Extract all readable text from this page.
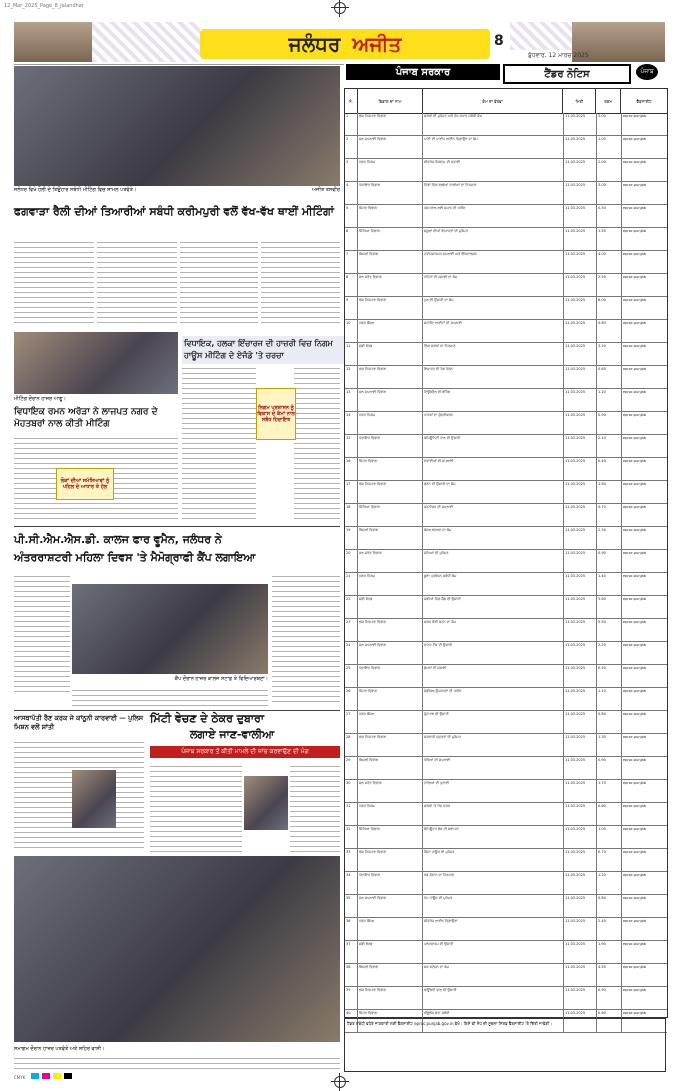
12_Mar_2025_Page_8_Jalandhar
ਜਲੰਧਰ ਅਜੀਤ	8
ਬੁੱਧਵਾਰ, 12 ਮਾਰਚ 2025
ਜਲੰਧਰ ਵਿਖੇ ਹੋਲੀ ਦੇ ਤਿਉਹਾਰ ਸਬੰਧੀ ਮੀਟਿੰਗ ਵਿਚ ਸ਼ਾਮਲ ਪਤਵੰਤੇ।	ਅਜੀਤ ਤਸਵੀਰ
ਫਗਵਾੜਾ ਰੈਲੀ ਦੀਆਂ ਤਿਆਰੀਆਂ ਸਬੰਧੀ ਕਰੀਮਪੁਰੀ ਵਲੋਂ ਵੱਖ-ਵੱਖ ਥਾਈਂ ਮੀਟਿੰਗਾਂ
ਮੀਟਿੰਗ ਦੌਰਾਨ ਹਾਜ਼ਰ ਆਗੂ।
ਵਿਧਾਇਕ ਰਮਨ ਅਰੋੜਾ ਨੇ ਲਾਜਪਤ ਨਗਰ ਦੇ ਮੋਹਤਬਰਾਂ ਨਾਲ ਕੀਤੀ ਮੀਟਿੰਗ
ਲੋਕਾਂ ਦੀਆਂ ਸਮੱਸਿਆਵਾਂ ਨੂੰ ਪਹਿਲ ਦੇ ਆਧਾਰ ਤੇ ਹੱਲ
ਵਿਧਾਇਕ, ਹਲਕਾ ਇੰਚਾਰਜ ਦੀ ਹਾਜ਼ਰੀ ਵਿਚ ਨਿਗਮ ਹਾਊਸ ਮੀਟਿੰਗ ਦੇ ਏਜੰਡੇ 'ਤੇ ਚਰਚਾ
ਨਿਗਮ ਪ੍ਰਸ਼ਾਸਨ ਨੂੰ ਵਿਕਾਸ ਦੇ ਕੰਮਾਂ ਨਾਲ ਸਬੰਧ ਹਿਦਾਇਤ
ਪੀ.ਸੀ.ਐਮ.ਐਸ.ਡੀ. ਕਾਲਜ ਫਾਰ ਵੂਮੈਨ, ਜਲੰਧਰ ਨੇ
ਅੰਤਰਰਾਸ਼ਟਰੀ ਮਹਿਲਾ ਦਿਵਸ 'ਤੇ ਮੈਮੋਗ੍ਰਾਫੀ ਕੈਂਪ ਲਗਾਇਆ
ਕੈਂਪ ਦੌਰਾਨ ਹਾਜ਼ਰ ਕਾਲਜ ਸਟਾਫ਼ ਤੇ ਵਿਦਿਆਰਥਣਾਂ।
ਆਸਥਾਪੱਤੀ ਰੈਣ ਕਰਕ ਜੇ ਕਾਂਨੂਨੀ ਕਾਰਵਾਈ — ਪੁਲਿਸ ਮਿਸ਼ਨ ਵਲੋਂ ਸ਼ਾਂਤੀ
ਮਿੱਟੀ ਵੇਚਣ ਦੇ ਠੇਕਰ ਦੁਬਾਰਾ
ਲਗਾਏ ਜਾਣ-ਵਾਲੀਆ
ਪੰਜਾਬ ਸਰਕਾਰ ਤੋਂ ਕੀਤੀ ਮਾਮਲੇ ਦੀ ਜਾਂਚ ਕਰਵਾਉਣ ਦੀ ਮੰਗ
ਸਮਾਗਮ ਦੌਰਾਨ ਹਾਜ਼ਰ ਪਤਵੰਤੇ ਅਤੇ ਸ਼ਹਿਰ ਵਾਸੀ।
ਪੰਜਾਬ ਸਰਕਾਰ	ਟੈਂਡਰ ਨੋਟਿਸ	ਪੰਜਾਬ
ਨੰ.	ਵਿਭਾਗ ਦਾ ਨਾਮ	ਕੰਮ ਦਾ ਵੇਰਵਾ	ਮਿਤੀ	ਰਕਮ	ਵੈੱਬਸਾਈਟ
1	ਲੋਕ ਨਿਰਮਾਣ ਵਿਭਾਗ	ਸੜਕਾਂ ਦੀ ਮੁਰੰਮਤ ਅਤੇ ਰੱਖ-ਰਖਾਵ ਸਬੰਧੀ ਕੰਮ	11.03.2025	5.00	eproc.punjab
2	ਜਲ ਸਪਲਾਈ ਵਿਭਾਗ	ਪਾਣੀ ਦੀ ਪਾਈਪ ਲਾਈਨ ਵਿਛਾਉਣ ਦਾ ਕੰਮ	11.03.2025	1.00	eproc.punjab
3	ਨਗਰ ਨਿਗਮ	ਸੀਵਰੇਜ ਸਿਸਟਮ ਦੀ ਸਫ਼ਾਈ	11.03.2025	2.00	eproc.punjab
4	ਪੰਚਾਇਤ ਵਿਭਾਗ	ਪਿੰਡਾਂ ਵਿਚ ਗਲੀਆਂ ਨਾਲੀਆਂ ਦਾ ਨਿਰਮਾਣ	11.03.2025	3.00	eproc.punjab
5	ਸਿਹਤ ਵਿਭਾਗ	ਹਸਪਤਾਲ ਲਈ ਸਮਾਨ ਦੀ ਖਰੀਦ	11.03.2025	0.50	eproc.punjab
6	ਸਿੱਖਿਆ ਵਿਭਾਗ	ਸਕੂਲਾਂ ਦੀਆਂ ਇਮਾਰਤਾਂ ਦੀ ਮੁਰੰਮਤ	11.03.2025	1.50	eproc.punjab
7	ਬਿਜਲੀ ਵਿਭਾਗ	ਟਰਾਂਸਫਾਰਮਰ ਸਪਲਾਈ ਅਤੇ ਇੰਸਟਾਲੇਸ਼ਨ	11.03.2025	4.00	eproc.punjab
8	ਜਲ ਸਰੋਤ ਵਿਭਾਗ	ਨਹਿਰਾਂ ਦੀ ਸਫ਼ਾਈ ਦਾ ਕੰਮ	11.03.2025	2.50	eproc.punjab
9	ਲੋਕ ਨਿਰਮਾਣ ਵਿਭਾਗ	ਪੁਲ ਦੀ ਉਸਾਰੀ ਦਾ ਕੰਮ	11.03.2025	6.00	eproc.punjab
10	ਨਗਰ ਕੌਂਸਲ	ਸਟਰੀਟ ਲਾਈਟਾਂ ਦੀ ਸਪਲਾਈ	11.03.2025	0.80	eproc.punjab
11	ਮੰਡੀ ਬੋਰਡ	ਲਿੰਕ ਸੜਕਾਂ ਦਾ ਨਿਰਮਾਣ	11.03.2025	3.20	eproc.punjab
12	ਲੋਕ ਨਿਰਮਾਣ ਵਿਭਾਗ	ਇਮਾਰਤ ਦੀ ਰੰਗ ਰੋਗਨ	11.03.2025	0.60	eproc.punjab
13	ਜਲ ਸਪਲਾਈ ਵਿਭਾਗ	ਟਿਊਬਵੈੱਲ ਦੀ ਬੋਰਿੰਗ	11.03.2025	1.20	eproc.punjab
14	ਨਗਰ ਨਿਗਮ	ਪਾਰਕਾਂ ਦਾ ਸੁੰਦਰੀਕਰਨ	11.03.2025	0.90	eproc.punjab
15	ਪੰਚਾਇਤ ਵਿਭਾਗ	ਕਮਿਊਨਿਟੀ ਹਾਲ ਦੀ ਉਸਾਰੀ	11.03.2025	2.10	eproc.punjab
16	ਸਿਹਤ ਵਿਭਾਗ	ਦਵਾਈਆਂ ਦੀ ਸਪਲਾਈ	11.03.2025	0.40	eproc.punjab
17	ਲੋਕ ਨਿਰਮਾਣ ਵਿਭਾਗ	ਡਰੇਨ ਦੀ ਉਸਾਰੀ ਦਾ ਕੰਮ	11.03.2025	1.80	eproc.punjab
18	ਸਿੱਖਿਆ ਵਿਭਾਗ	ਫਰਨੀਚਰ ਦੀ ਸਪਲਾਈ	11.03.2025	0.70	eproc.punjab
19	ਬਿਜਲੀ ਵਿਭਾਗ	ਕੇਬਲ ਬਦਲਣ ਦਾ ਕੰਮ	11.03.2025	2.30	eproc.punjab
20	ਜਲ ਸਰੋਤ ਵਿਭਾਗ	ਮੋਘਿਆਂ ਦੀ ਮੁਰੰਮਤ	11.03.2025	0.90	eproc.punjab
21	ਨਗਰ ਨਿਗਮ	ਕੂੜਾ ਪ੍ਰਬੰਧਨ ਸਬੰਧੀ ਕੰਮ	11.03.2025	1.40	eproc.punjab
22	ਮੰਡੀ ਬੋਰਡ	ਮੰਡੀਆਂ ਵਿਚ ਸ਼ੈੱਡ ਦੀ ਉਸਾਰੀ	11.03.2025	3.60	eproc.punjab
23	ਲੋਕ ਨਿਰਮਾਣ ਵਿਭਾਗ	ਸੜਕ ਚੌੜੀ ਕਰਨ ਦਾ ਕੰਮ	11.03.2025	5.50	eproc.punjab
24	ਜਲ ਸਪਲਾਈ ਵਿਭਾਗ	ਵਾਟਰ ਟੈਂਕ ਦੀ ਉਸਾਰੀ	11.03.2025	2.20	eproc.punjab
25	ਪੰਚਾਇਤ ਵਿਭਾਗ	ਛੱਪੜਾਂ ਦੀ ਸਫ਼ਾਈ	11.03.2025	0.50	eproc.punjab
26	ਸਿਹਤ ਵਿਭਾਗ	ਮੈਡੀਕਲ ਉਪਕਰਣਾਂ ਦੀ ਖਰੀਦ	11.03.2025	1.10	eproc.punjab
27	ਨਗਰ ਕੌਂਸਲ	ਫੁੱਟਪਾਥ ਦੀ ਉਸਾਰੀ	11.03.2025	0.80	eproc.punjab
28	ਲੋਕ ਨਿਰਮਾਣ ਵਿਭਾਗ	ਸਰਕਾਰੀ ਦਫ਼ਤਰਾਂ ਦੀ ਮੁਰੰਮਤ	11.03.2025	1.30	eproc.punjab
29	ਬਿਜਲੀ ਵਿਭਾਗ	ਖੰਭਿਆਂ ਦੀ ਸਪਲਾਈ	11.03.2025	0.90	eproc.punjab
30	ਜਲ ਸਰੋਤ ਵਿਭਾਗ	ਨਾਲਿਆਂ ਦੀ ਖੁਦਾਈ	11.03.2025	1.70	eproc.punjab
31	ਨਗਰ ਨਿਗਮ	ਸੜਕਾਂ 'ਤੇ ਪੈਚ ਵਰਕ	11.03.2025	0.60	eproc.punjab
32	ਸਿੱਖਿਆ ਵਿਭਾਗ	ਕੰਪਿਊਟਰ ਲੈਬ ਦੀ ਸਥਾਪਨਾ	11.03.2025	1.00	eproc.punjab
33	ਲੋਕ ਨਿਰਮਾਣ ਵਿਭਾਗ	ਰੈਸਟ ਹਾਊਸ ਦੀ ਮੁਰੰਮਤ	11.03.2025	0.70	eproc.punjab
34	ਪੰਚਾਇਤ ਵਿਭਾਗ	ਖੇਡ ਮੈਦਾਨ ਦਾ ਨਿਰਮਾਣ	11.03.2025	1.20	eproc.punjab
35	ਜਲ ਸਪਲਾਈ ਵਿਭਾਗ	ਪੰਪ ਹਾਊਸ ਦੀ ਮੁਰੰਮਤ	11.03.2025	0.80	eproc.punjab
36	ਨਗਰ ਕੌਂਸਲ	ਸੀਵਰੇਜ ਲਾਈਨ ਵਿਛਾਉਣਾ	11.03.2025	2.40	eproc.punjab
37	ਮੰਡੀ ਬੋਰਡ	ਪਲੇਟਫਾਰਮ ਦੀ ਉਸਾਰੀ	11.03.2025	1.90	eproc.punjab
38	ਬਿਜਲੀ ਵਿਭਾਗ	ਸਬ ਸਟੇਸ਼ਨ ਦਾ ਕੰਮ	11.03.2025	4.50	eproc.punjab
39	ਲੋਕ ਨਿਰਮਾਣ ਵਿਭਾਗ	ਬਾਊਂਡਰੀ ਵਾਲ ਦੀ ਉਸਾਰੀ	11.03.2025	0.90	eproc.punjab
40	ਸਿਹਤ ਵਿਭਾਗ	ਐਂਬੂਲੈਂਸ ਸੇਵਾ ਸਬੰਧੀ	11.03.2025	0.60	eproc.punjab
ਟੈਂਡਰ ਸਬੰਧੀ ਵਧੇਰੇ ਜਾਣਕਾਰੀ ਲਈ ਵੈੱਬਸਾਈਟ eproc.punjab.gov.in ਵੇਖੋ। ਕਿਸੇ ਵੀ ਸੋਧ ਦੀ ਸੂਚਨਾ ਸਿਰਫ਼ ਵੈੱਬਸਾਈਟ 'ਤੇ ਦਿੱਤੀ ਜਾਵੇਗੀ।
CMYK
